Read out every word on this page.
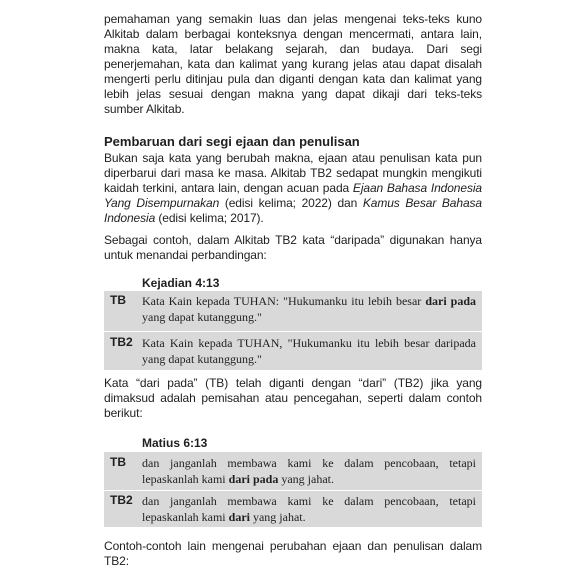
pemahaman yang semakin luas dan jelas mengenai teks-teks kuno Alkitab dalam berbagai konteksnya dengan mencermati, antara lain, makna kata, latar belakang sejarah, dan budaya. Dari segi penerjemahan, kata dan kalimat yang kurang jelas atau dapat disalah mengerti perlu ditinjau pula dan diganti dengan kata dan kalimat yang lebih jelas sesuai dengan makna yang dapat dikaji dari teks-teks sumber Alkitab.

Pembaruan dari segi ejaan dan penulisan

Bukan saja kata yang berubah makna, ejaan atau penulisan kata pun diperbarui dari masa ke masa. Alkitab TB2 sedapat mungkin mengikuti kaidah terkini, antara lain, dengan acuan pada Ejaan Bahasa Indonesia Yang Disempurnakan (edisi kelima; 2022) dan Kamus Besar Bahasa Indonesia (edisi kelima; 2017).

Sebagai contoh, dalam Alkitab TB2 kata “daripada” digunakan hanya untuk menandai perbandingan:

Kejadian 4:13
TB Kata Kain kepada TUHAN: "Hukumanku itu lebih besar dari pada yang dapat kutanggung."
TB2 Kata Kain kepada TUHAN, "Hukumanku itu lebih besar daripada yang dapat kutanggung."

Kata “dari pada” (TB) telah diganti dengan “dari” (TB2) jika yang dimaksud adalah pemisahan atau pencegahan, seperti dalam contoh berikut:

Matius 6:13
TB dan janganlah membawa kami ke dalam pencobaan, tetapi lepaskanlah kami dari pada yang jahat.
TB2 dan janganlah membawa kami ke dalam pencobaan, tetapi lepaskanlah kami dari yang jahat.

Contoh-contoh lain mengenai perubahan ejaan dan penulisan dalam TB2:
